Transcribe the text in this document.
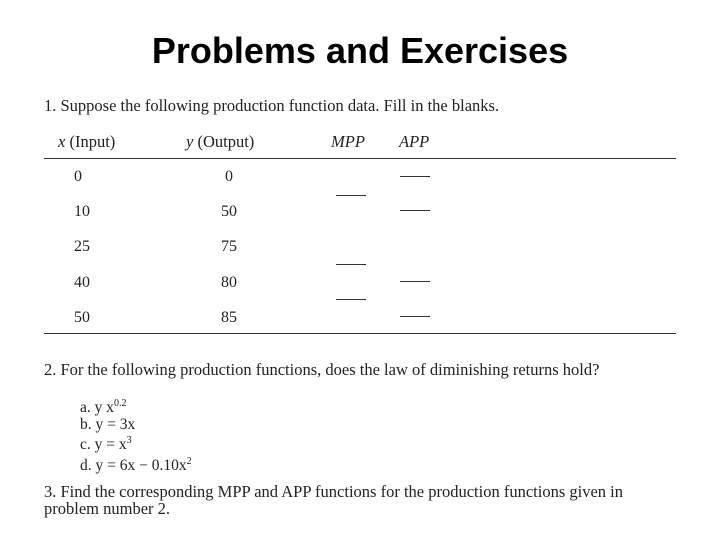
Problems and Exercises
1. Suppose the following production function data. Fill in the blanks.
x (Input)	y (Output)	MPP APP
0	0
10	50
25	75
40	80
50	85
2. For the following production functions, does the law of diminishing returns hold?
a. y $x^{0.2}$
b. y = 3x
c. $y = x^3$
d. $y = 6x - 0.10x^2$
3. Find the corresponding MPP and APP functions for the production functions given in
problem number 2.
